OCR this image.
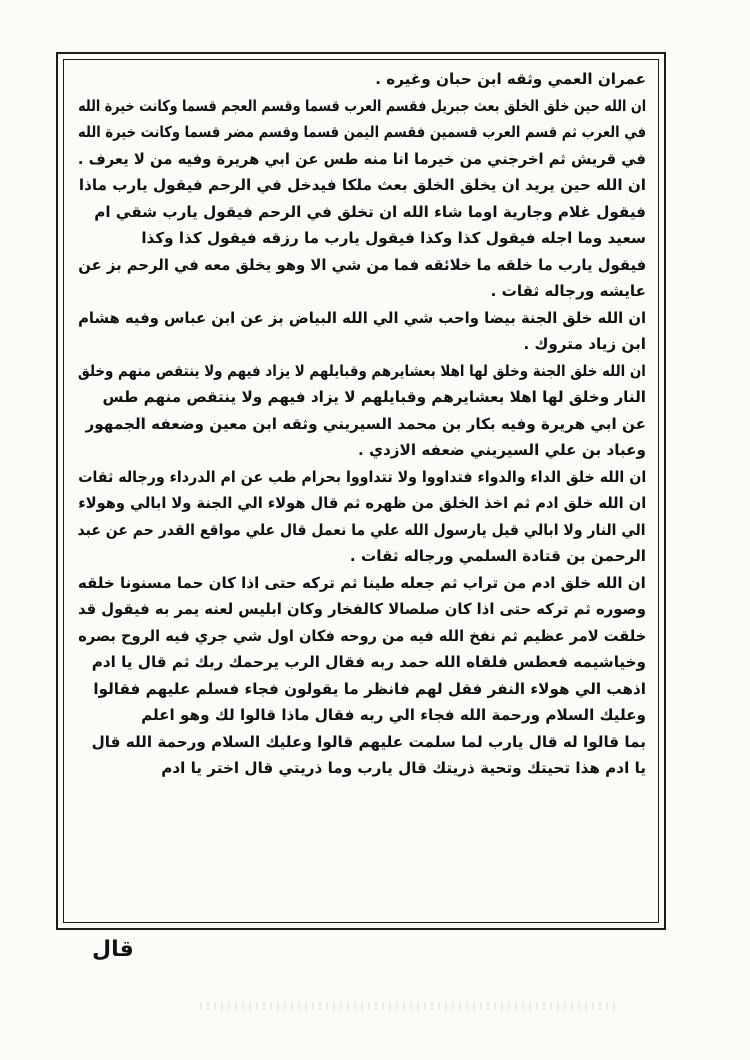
عمران العمي وثقه ابن حبان وغيره .
ان الله حين خلق الخلق بعث جبريل فقسم العرب قسما وقسم العجم قسما وكانت خيرة الله
في العرب ثم قسم العرب قسمين فقسم اليمن قسما وقسم مضر قسما وكانت خيرة الله
في قريش ثم اخرجني من خيرما انا منه طس عن ابي هريرة وفيه من لا يعرف .
ان الله حين يريد ان يخلق الخلق بعث ملكا فيدخل في الرحم فيقول يارب ماذا
فيقول غلام وجارية اوما شاء الله ان تخلق في الرحم فيقول يارب شقي ام
سعيد وما اجله فيقول كذا وكذا فيقول يارب ما رزقه فيقول كذا وكذا
فيقول يارب ما خلقه ما خلائقه فما من شي الا وهو يخلق معه في الرحم بز عن
عايشه ورجاله ثقات .
ان الله خلق الجنة بيضا واحب شي الي الله البياض بز عن ابن عباس وفيه هشام
ابن زياد متروك .
ان الله خلق الجنة وخلق لها اهلا بعشايرهم وقبايلهم لا يزاد فيهم ولا ينتقص منهم وخلق
النار وخلق لها اهلا بعشايرهم وقبايلهم لا يزاد فيهم ولا ينتقص منهم طس
عن ابي هريرة وفيه بكار بن محمد السيريني وثقه ابن معين وضعفه الجمهور
وعباد بن علي السيريني ضعفه الازدي .
ان الله خلق الداء والدواء فتداووا ولا تتداووا بحرام طب عن ام الدرداء ورجاله ثقات
ان الله خلق ادم ثم اخذ الخلق من ظهره ثم قال هولاء الي الجنة ولا ابالي وهولاء
الي النار ولا ابالي قيل يارسول الله علي ما نعمل قال علي مواقع القدر حم عن عبد
الرحمن بن قتادة السلمي ورجاله ثقات .
ان الله خلق ادم من تراب ثم جعله طينا ثم تركه حتى اذا كان حما مسنونا خلقه
وصوره ثم تركه حتى اذا كان صلصالا كالفخار وكان ابليس لعنه يمر به فيقول قد
خلقت لامر عظيم ثم نفخ الله فيه من روحه فكان اول شي جري فيه الروح بصره
وخياشيمه فعطس فلقاه الله حمد ربه فقال الرب يرحمك ربك ثم قال يا ادم
اذهب الي هولاء النفر فقل لهم فانظر ما يقولون فجاء فسلم عليهم فقالوا
وعليك السلام ورحمة الله فجاء الي ربه فقال ماذا قالوا لك وهو اعلم
بما قالوا له قال يارب لما سلمت عليهم قالوا وعليك السلام ورحمة الله قال
يا ادم هذا تحيتك وتحية ذريتك قال يارب وما ذريتي قال اختر يا ادم
قال
